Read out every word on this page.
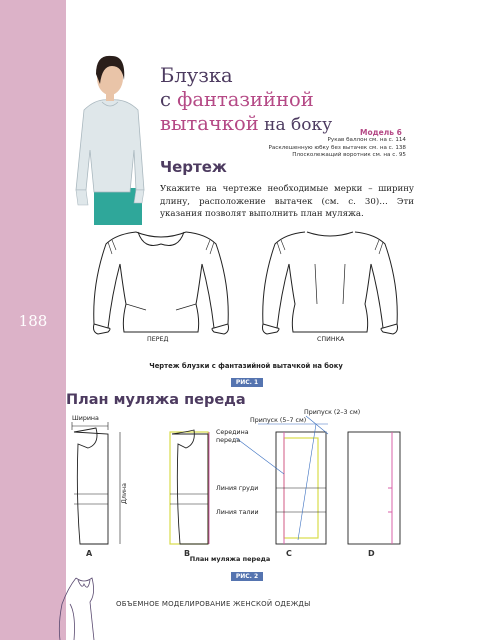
188
Блузка
с фантазийной
вытачкой на боку	Модель 6
Рукав баллон см. на с. 114
Расклешенную юбку без вытачек см. на с. 138
Плосколежащий воротник см. на с. 95
Чертеж
Укажите на чертеже необходимые мерки – ширину длину, расположение вытачек (см. с. 30)… Эти указания позволят выполнить план муляжа.
ПЕРЕД	СПИНКА
Чертеж блузки с фантазийной вытачкой на боку
РИС. 1
План муляжа переда
Ширина
Длина
A	B
Припуск (5–7 см)
Припуск (2–3 см)
Середина
переда
Линия груди
Линия талии
C	D
План муляжа переда
РИС. 2
ОБЪЕМНОЕ МОДЕЛИРОВАНИЕ ЖЕНСКОЙ ОДЕЖДЫ
